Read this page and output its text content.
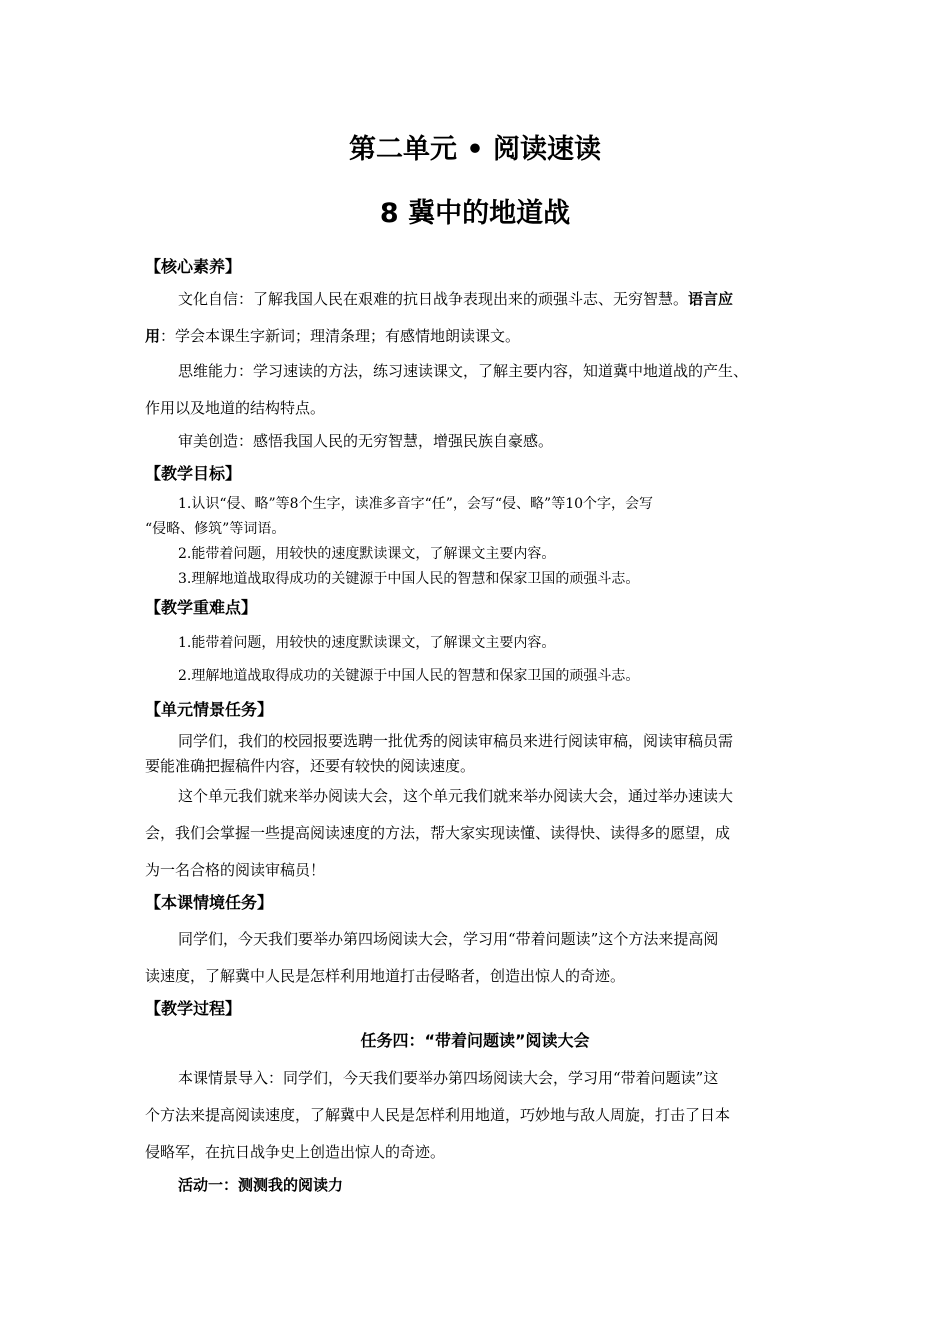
第二单元 • 阅读速读
8 冀中的地道战
【核心素养】
文化自信：了解我国人民在艰难的抗日战争表现出来的顽强斗志、无穷智慧。语言应
用：学会本课生字新词；理清条理；有感情地朗读课文。
思维能力：学习速读的方法，练习速读课文，了解主要内容，知道冀中地道战的产生、
作用以及地道的结构特点。
审美创造：感悟我国人民的无穷智慧，增强民族自豪感。
【教学目标】
1.认识“侵、略”等8个生字，读准多音字“任”，会写“侵、略”等10个字，会写
“侵略、修筑”等词语。
2.能带着问题，用较快的速度默读课文，了解课文主要内容。
3.理解地道战取得成功的关键源于中国人民的智慧和保家卫国的顽强斗志。
【教学重难点】
1.能带着问题，用较快的速度默读课文，了解课文主要内容。
2.理解地道战取得成功的关键源于中国人民的智慧和保家卫国的顽强斗志。
【单元情景任务】
同学们，我们的校园报要选聘一批优秀的阅读审稿员来进行阅读审稿，阅读审稿员需
要能准确把握稿件内容，还要有较快的阅读速度。
这个单元我们就来举办阅读大会，这个单元我们就来举办阅读大会，通过举办速读大
会，我们会掌握一些提高阅读速度的方法，帮大家实现读懂、读得快、读得多的愿望，成
为一名合格的阅读审稿员！
【本课情境任务】
同学们，今天我们要举办第四场阅读大会，学习用“带着问题读”这个方法来提高阅
读速度，了解冀中人民是怎样利用地道打击侵略者，创造出惊人的奇迹。
【教学过程】
任务四：“带着问题读”阅读大会
本课情景导入：同学们，今天我们要举办第四场阅读大会，学习用“带着问题读”这
个方法来提高阅读速度，了解冀中人民是怎样利用地道，巧妙地与敌人周旋，打击了日本
侵略军，在抗日战争史上创造出惊人的奇迹。
活动一：测测我的阅读力
